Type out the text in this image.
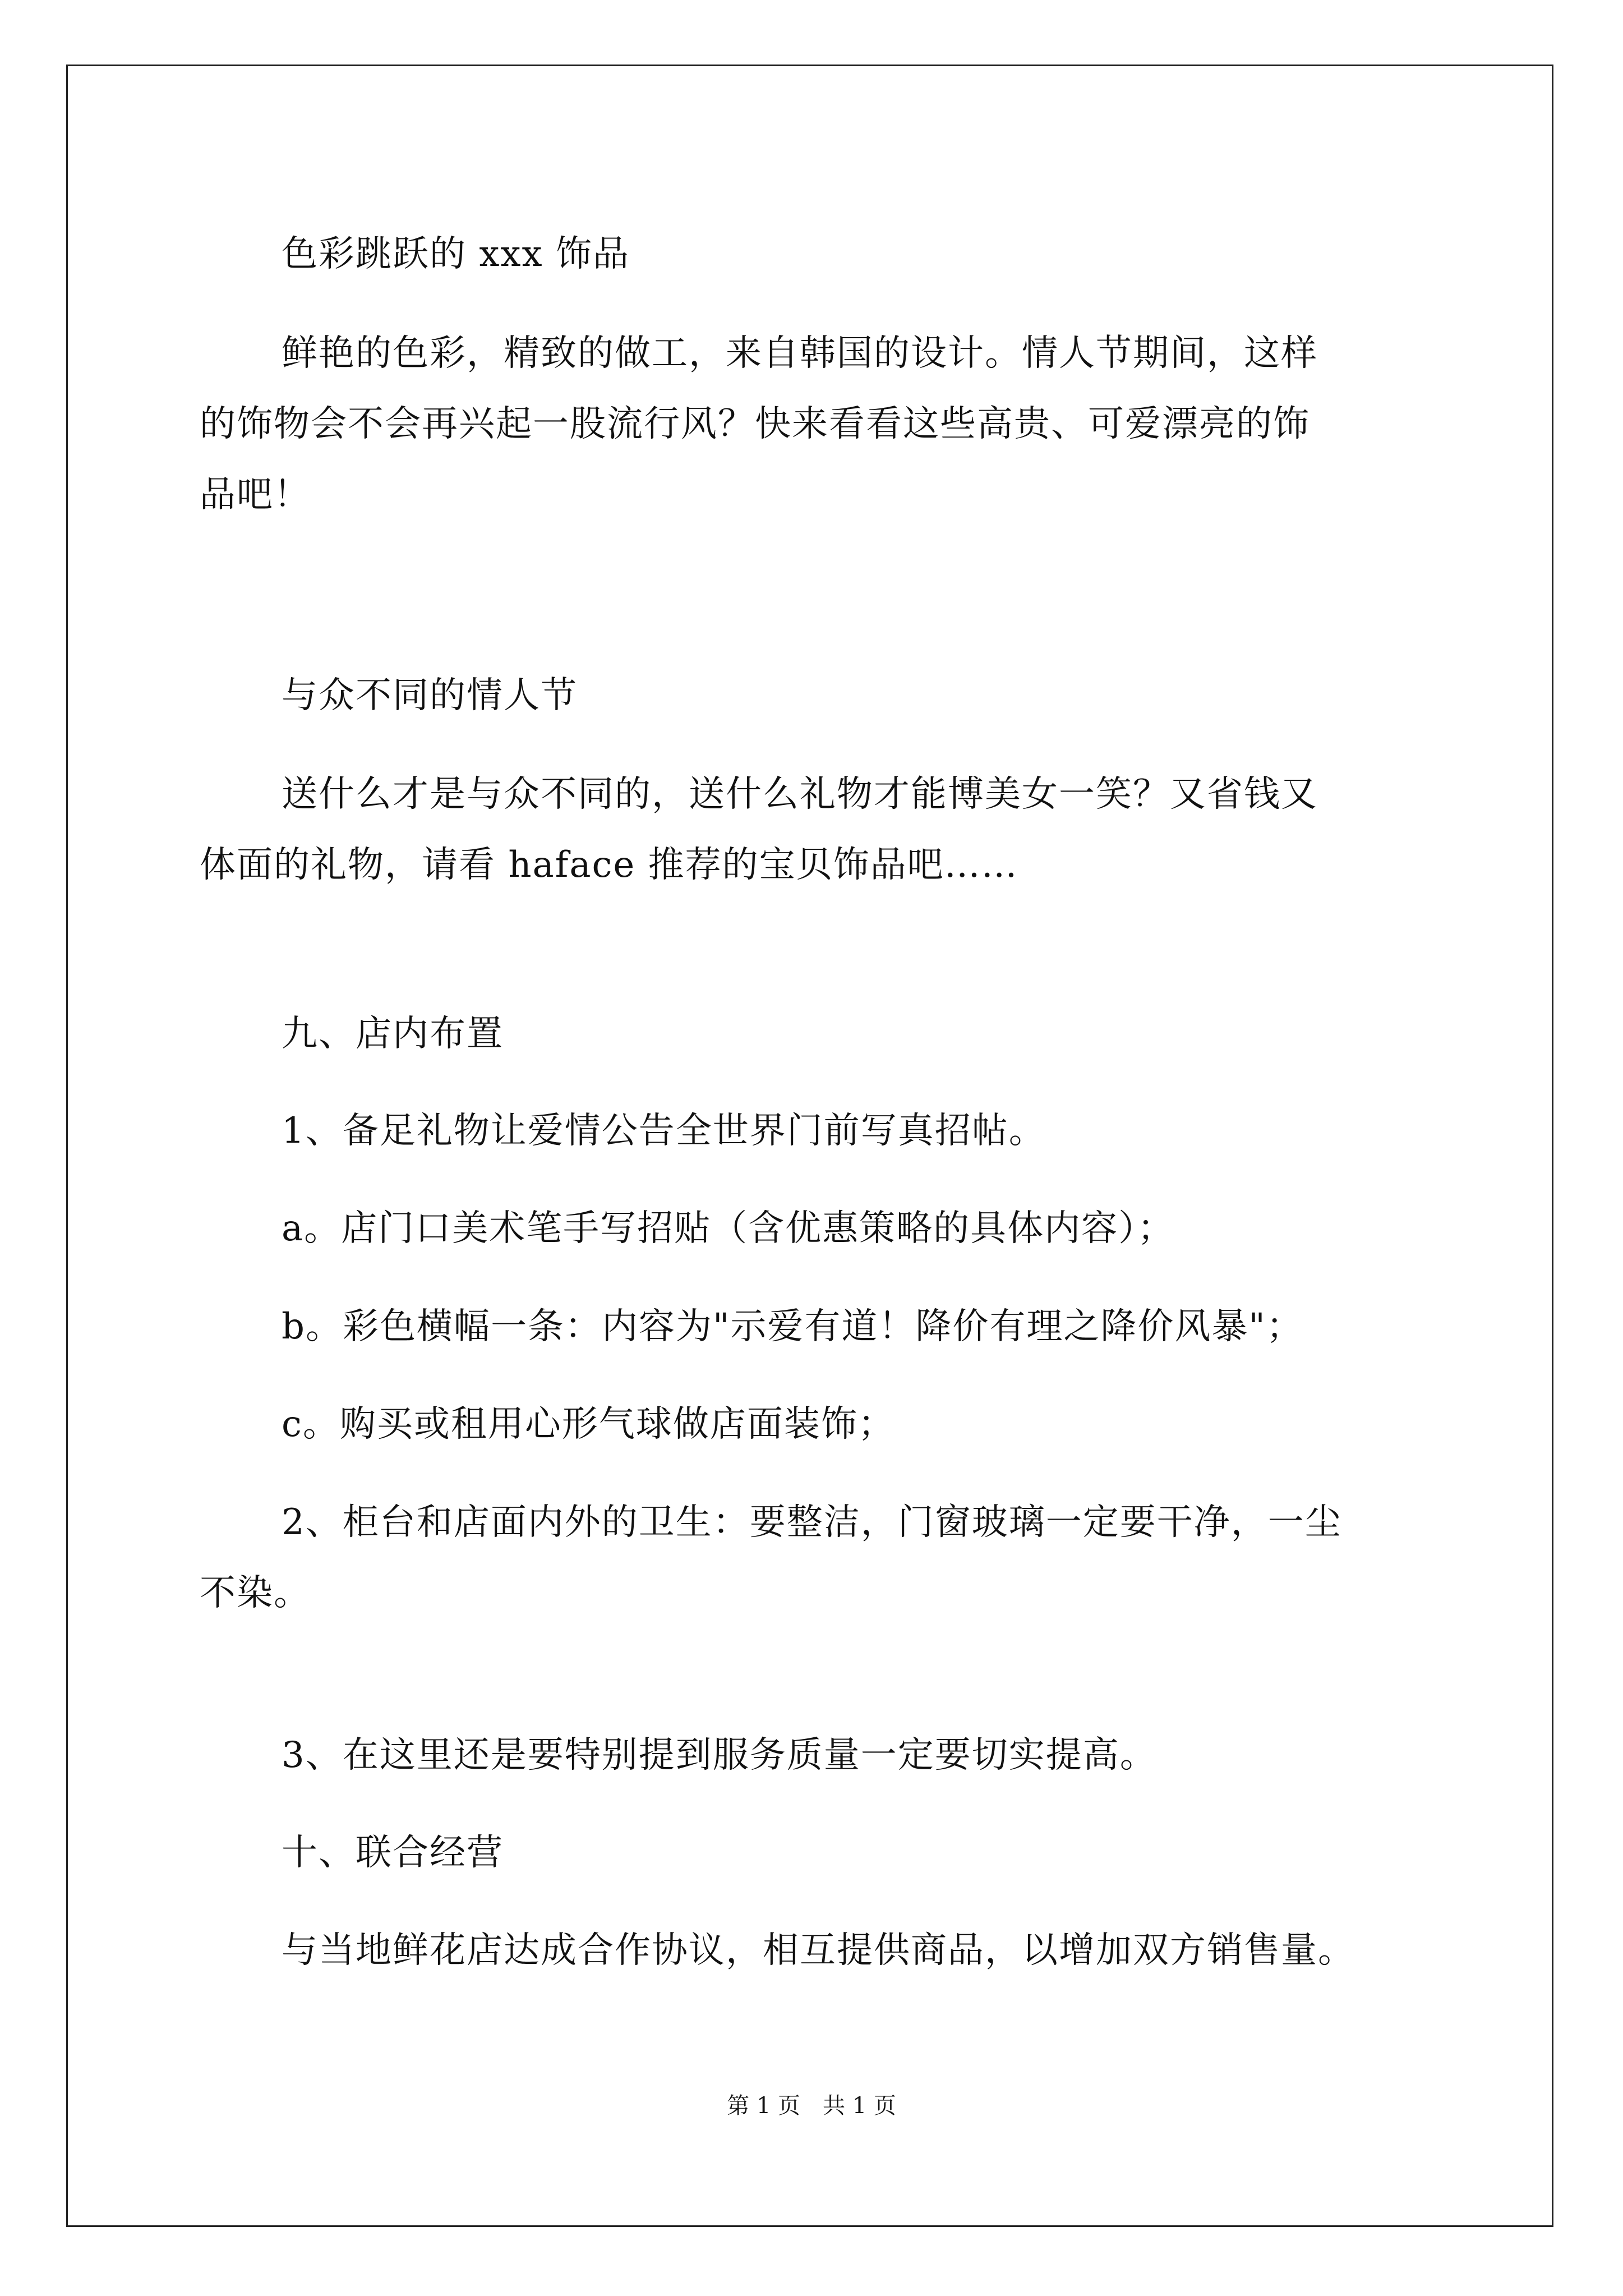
色彩跳跃的 xxx 饰品

鲜艳的色彩，精致的做工，来自韩国的设计。情人节期间，这样
的饰物会不会再兴起一股流行风？快来看看这些高贵、可爱漂亮的饰
品吧！

与众不同的情人节

送什么才是与众不同的，送什么礼物才能博美女一笑？又省钱又
体面的礼物，请看 haface 推荐的宝贝饰品吧……

九、店内布置

1、备足礼物让爱情公告全世界门前写真招帖。

a。店门口美术笔手写招贴（含优惠策略的具体内容）；

b。彩色横幅一条：内容为"示爱有道！降价有理之降价风暴"；

c。购买或租用心形气球做店面装饰；

2、柜台和店面内外的卫生：要整洁，门窗玻璃一定要干净，一尘
不染。

3、在这里还是要特别提到服务质量一定要切实提高。

十、联合经营

与当地鲜花店达成合作协议，相互提供商品，以增加双方销售量。

第 1 页 共 1 页
